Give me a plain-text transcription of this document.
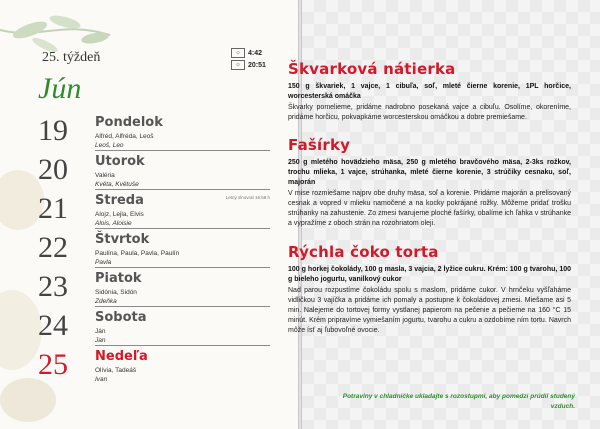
25. týždeň	☼	4:42
☼	20:51
Jún
19 Pondelok
Alfréd, Alfréda, Leoš
Leoš, Leo
20 Utorok
Valéria
Květa, Květuše
21 Streda
Alojz, Lejla, Elvis
Alois, Aloisie
Letný slnovrat 16:58 h
22 Štvrtok
Paulína, Paula, Pavla, Paulín
Pavla
23 Piatok
Sidónia, Sidón
Zdeňka
24 Sobota
Ján
Jan
25 Nedeľa
Olívia, Tadeáš
Ivan
Škvarková nátierka
150 g škvariek, 1 vajce, 1 cibuľa, soľ, mleté čierne korenie, 1PL horčice, worcesterská omáčka
Škvarky pomelieme, pridáme nadrobno posekaná vajce a cibuľu. Osolíme, okoreníme, pridáme horčicu, pokvapkáme worcesterskou omáčkou a dobre premiešame.
Fašírky
250 g mletého hovädzieho mäsa, 250 g mletého bravčového mäsa, 2-3ks rožkov, trochu mlieka, 1 vajce, strúhanka, mleté čierne korenie, 3 strúčiky cesnaku, soľ, majorán
V mise rozmiešame najprv obe druhy mäsa, soľ a korenie. Pridáme majorán a prelisovaný cesnak a vopred v mlieku namočené a na kocky pokrájané rožky. Môžeme pridať trošku strúhanky na zahustenie. Zo zmesi tvarujeme ploché fašírky, obalíme ich ľahka v strúhanke a vypražíme z oboch strán na rozohriatom oleji.
Rýchla čoko torta
100 g horkej čokolády, 100 g masla, 3 vajcia, 2 lyžice cukru. Krém: 100 g tvarohu, 100 g bieleho jogurtu, vanilkový cukor
Nad parou rozpustíme čokoládu spolu s maslom, pridáme cukor. V hrnčeku vyšľaháme vidličkou 3 vajíčka a pridáme ich pomaly a postupne k čokoládovej zmesi. Miešame asi 5 min. Nalejeme do tortovej formy vystlanej papierom na pečenie a pečieme na 160 °C 15 minút. Krém pripravíme vymiešaním jogurtu, tvarohu a cukru a ozdobíme ním tortu. Navrch môže ísť aj ľubovoľné ovocie.
Potraviny v chladničke ukladajte s rozostupmi, aby pomedzi prúdil studený vzduch.
